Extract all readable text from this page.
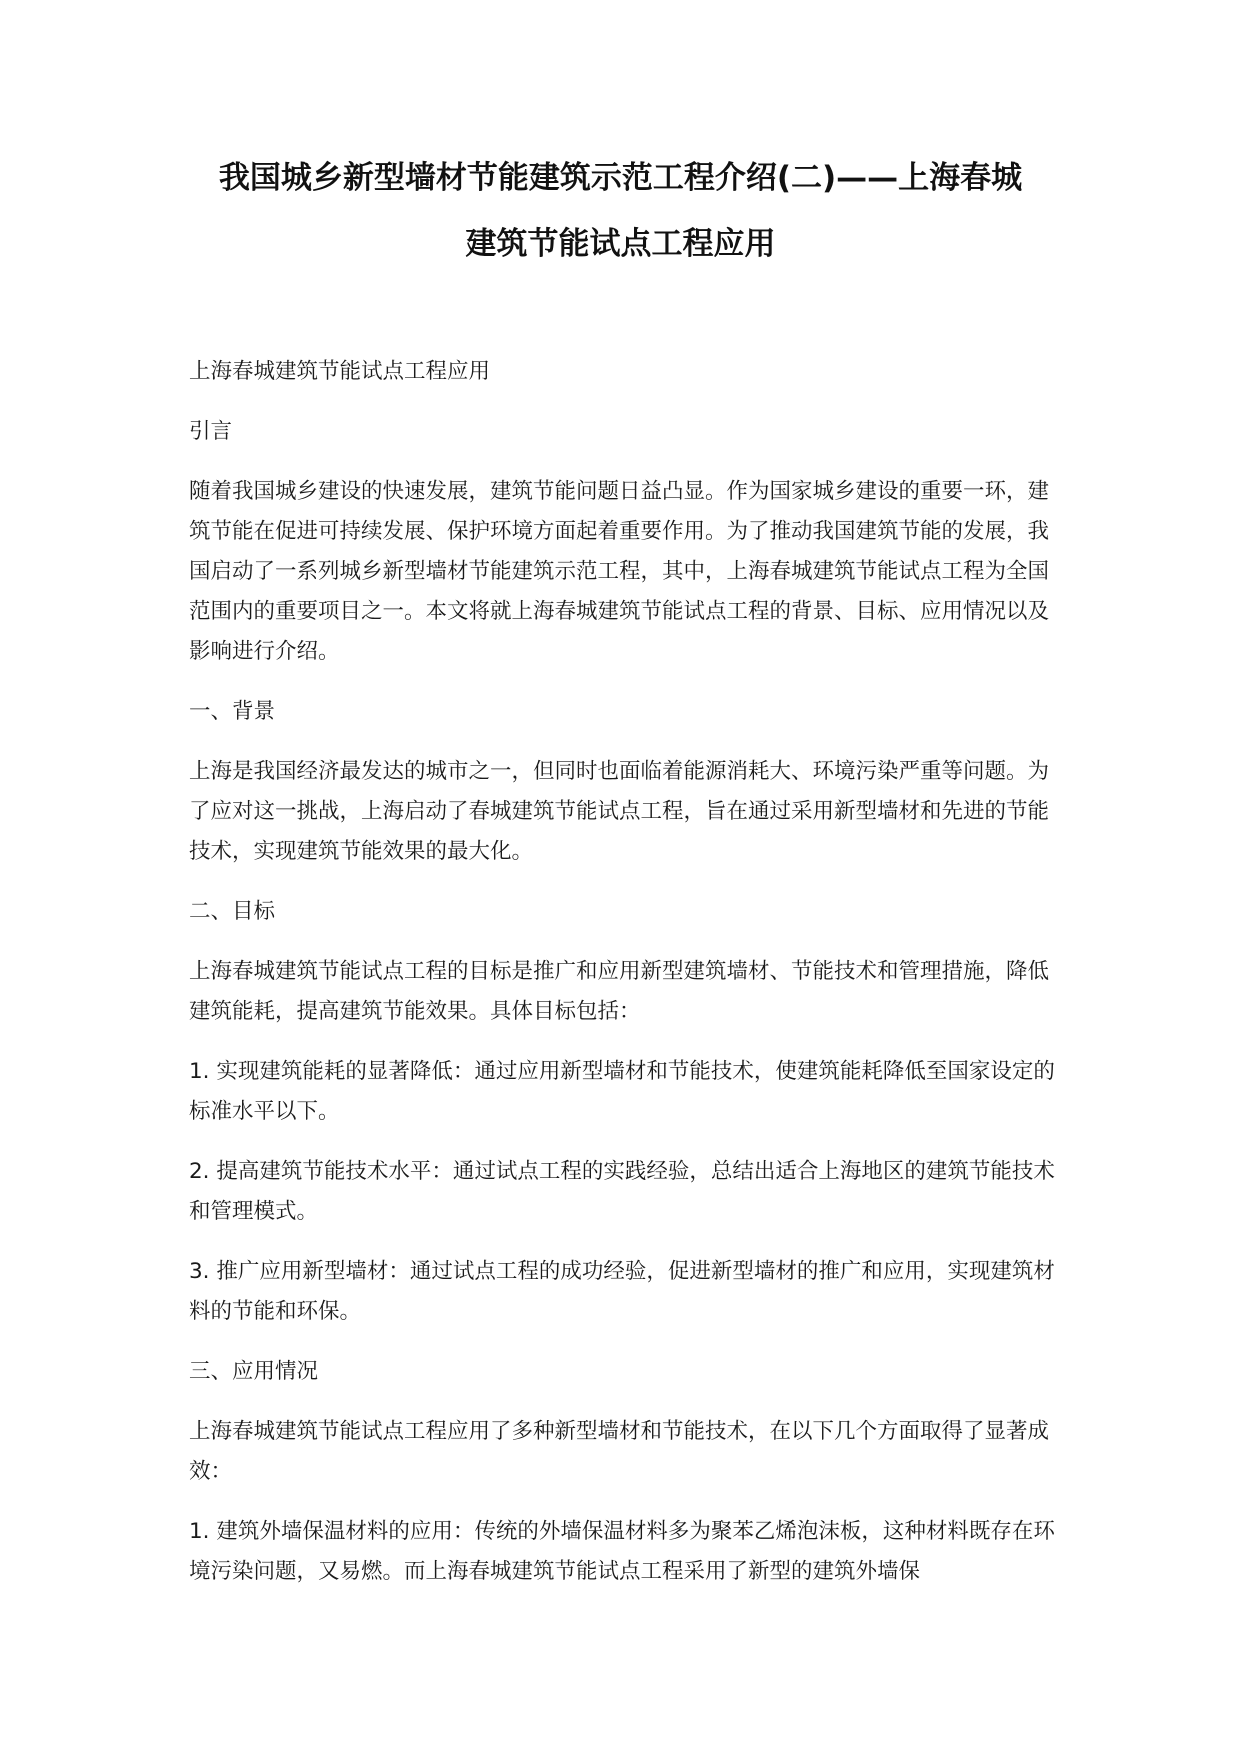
我国城乡新型墙材节能建筑示范工程介绍(二)——上海春城
建筑节能试点工程应用

上海春城建筑节能试点工程应用

引言

随着我国城乡建设的快速发展，建筑节能问题日益凸显。作为国家城乡建设的重要一环，建筑节能在促进可持续发展、保护环境方面起着重要作用。为了推动我国建筑节能的发展，我国启动了一系列城乡新型墙材节能建筑示范工程，其中，上海春城建筑节能试点工程为全国范围内的重要项目之一。本文将就上海春城建筑节能试点工程的背景、目标、应用情况以及影响进行介绍。

一、背景

上海是我国经济最发达的城市之一，但同时也面临着能源消耗大、环境污染严重等问题。为了应对这一挑战，上海启动了春城建筑节能试点工程，旨在通过采用新型墙材和先进的节能技术，实现建筑节能效果的最大化。

二、目标

上海春城建筑节能试点工程的目标是推广和应用新型建筑墙材、节能技术和管理措施，降低建筑能耗，提高建筑节能效果。具体目标包括：

1. 实现建筑能耗的显著降低：通过应用新型墙材和节能技术，使建筑能耗降低至国家设定的标准水平以下。

2. 提高建筑节能技术水平：通过试点工程的实践经验，总结出适合上海地区的建筑节能技术和管理模式。

3. 推广应用新型墙材：通过试点工程的成功经验，促进新型墙材的推广和应用，实现建筑材料的节能和环保。

三、应用情况

上海春城建筑节能试点工程应用了多种新型墙材和节能技术，在以下几个方面取得了显著成效：

1. 建筑外墙保温材料的应用：传统的外墙保温材料多为聚苯乙烯泡沫板，这种材料既存在环境污染问题，又易燃。而上海春城建筑节能试点工程采用了新型的建筑外墙保
